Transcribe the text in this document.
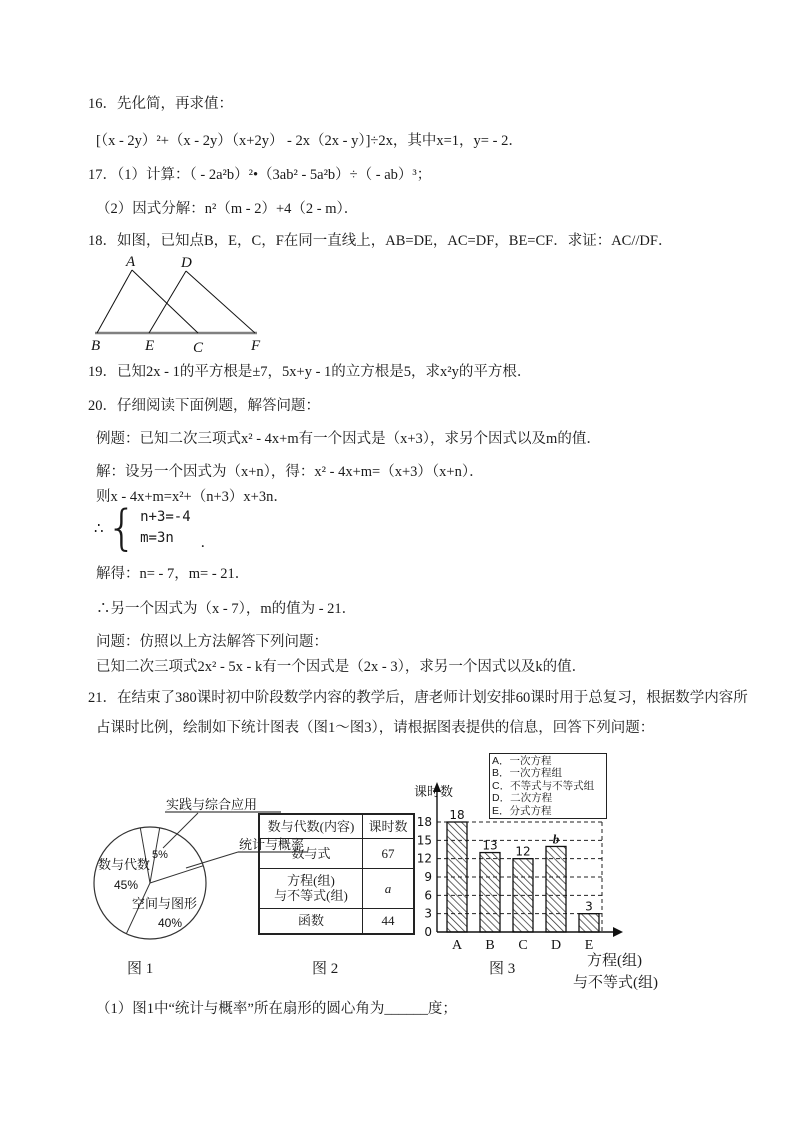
16．先化简，再求值：
[（x - 2y）²+（x - 2y）（x+2y） - 2x（2x - y）]÷2x，其中x=1，y= - 2．
17．（1）计算：（ - 2a²b）²•（3ab² - 5a²b）÷（ - ab）³；
（2）因式分解：n²（m - 2）+4（2 - m）．
18．如图，已知点B，E，C，F在同一直线上，AB=DE，AC=DF，BE=CF．求证：AC//DF．
19．已知2x - 1的平方根是±7，5x+y - 1的立方根是5，求x²y的平方根．
20．仔细阅读下面例题，解答问题：
例题：已知二次三项式x² - 4x+m有一个因式是（x+3），求另个因式以及m的值．
解：设另一个因式为（x+n），得：x² - 4x+m=（x+3）（x+n）．
则x - 4x+m=x²+（n+3）x+3n．
∴ { n+3=-4
m=3n	．
解得：n= - 7，m= - 21．
∴另一个因式为（x - 7），m的值为 - 21．
问题：仿照以上方法解答下列问题：
已知二次三项式2x² - 5x - k有一个因式是（2x - 3），求另一个因式以及k的值．
21．在结束了380课时初中阶段数学内容的教学后，唐老师计划安排60课时用于总复习，根据数学内容所
占课时比例，绘制如下统计图表（图1～图3），请根据图表提供的信息，回答下列问题：
（1）图1中“统计与概率”所在扇形的圆心角为______度；
A	D
B	E	C	F
数与代数
45%
空间与图形
40%
5%
实践与综合应用
统计与概率
图 1
数与代数(内容)	课时数
数与式	67

方程(组)
与不等式(组)	a
函数	44
图 2
0
3
6
9
12
15
18 18
A
13
B
12
C
b
D
3
E
课时数
A．一次方程
B．一次方程组
C．不等式与不等式组
D．二次方程
E．分式方程
图 3	方程(组)
与不等式(组)
